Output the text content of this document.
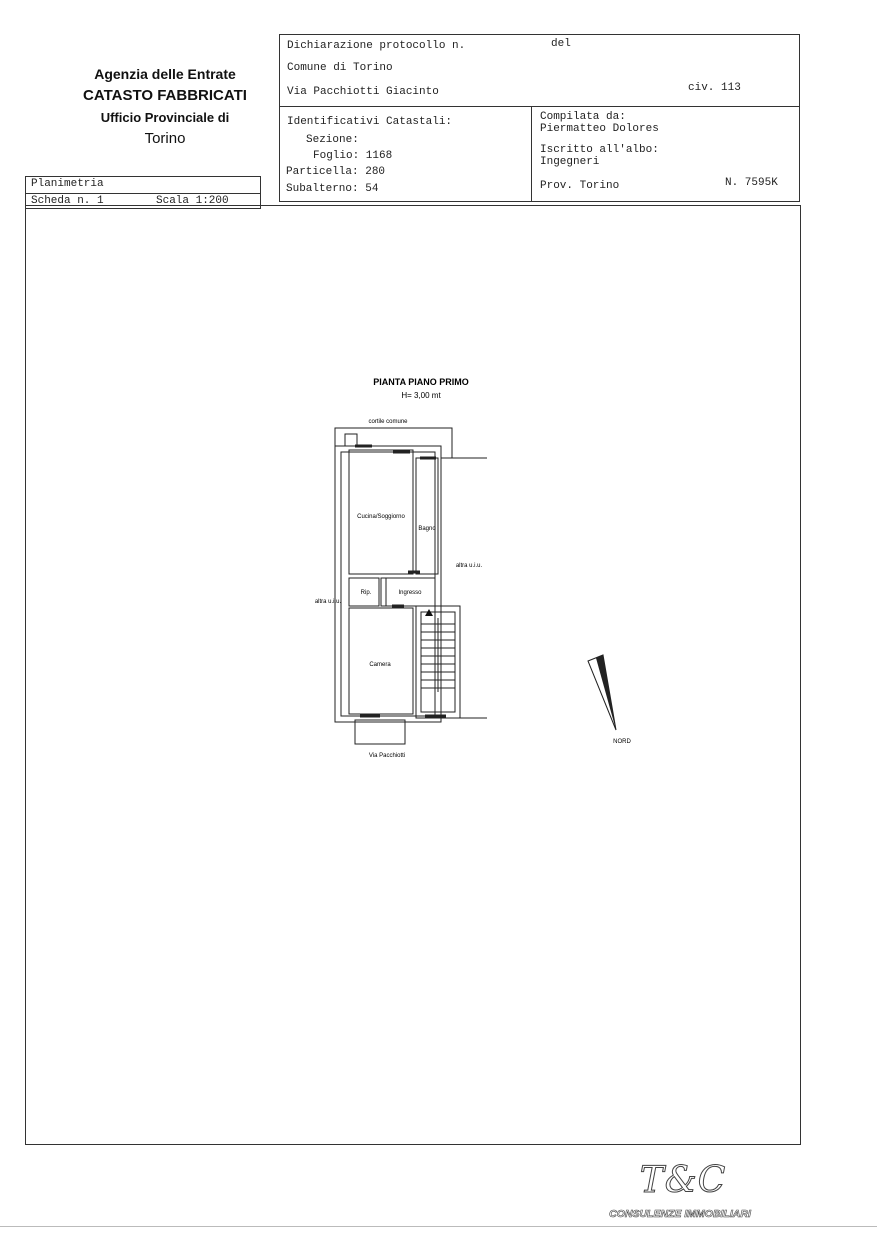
Agenzia delle Entrate
CATASTO FABBRICATI
Ufficio Provinciale di
Torino
Dichiarazione protocollo n.	del
Comune di Torino
Via Pacchiotti Giacinto	civ. 113
Identificativi Catastali:
Sezione:
Foglio: 1168
Particella: 280
Subalterno: 54
Compilata da:
Piermatteo Dolores
Iscritto all'albo:
Ingegneri
Prov. Torino	N. 7595K
Planimetria
Scheda n. 1	Scala 1:200
PIANTA PIANO PRIMO
H= 3,00 mt
cortile comune
Cucina/Soggiorno
Bagno
altra u.i.u.
altra u.i.u.
Rip.	Ingresso
Camera
Via Pacchiotti
NORD
T&C
CONSULENZE IMMOBILIARI
